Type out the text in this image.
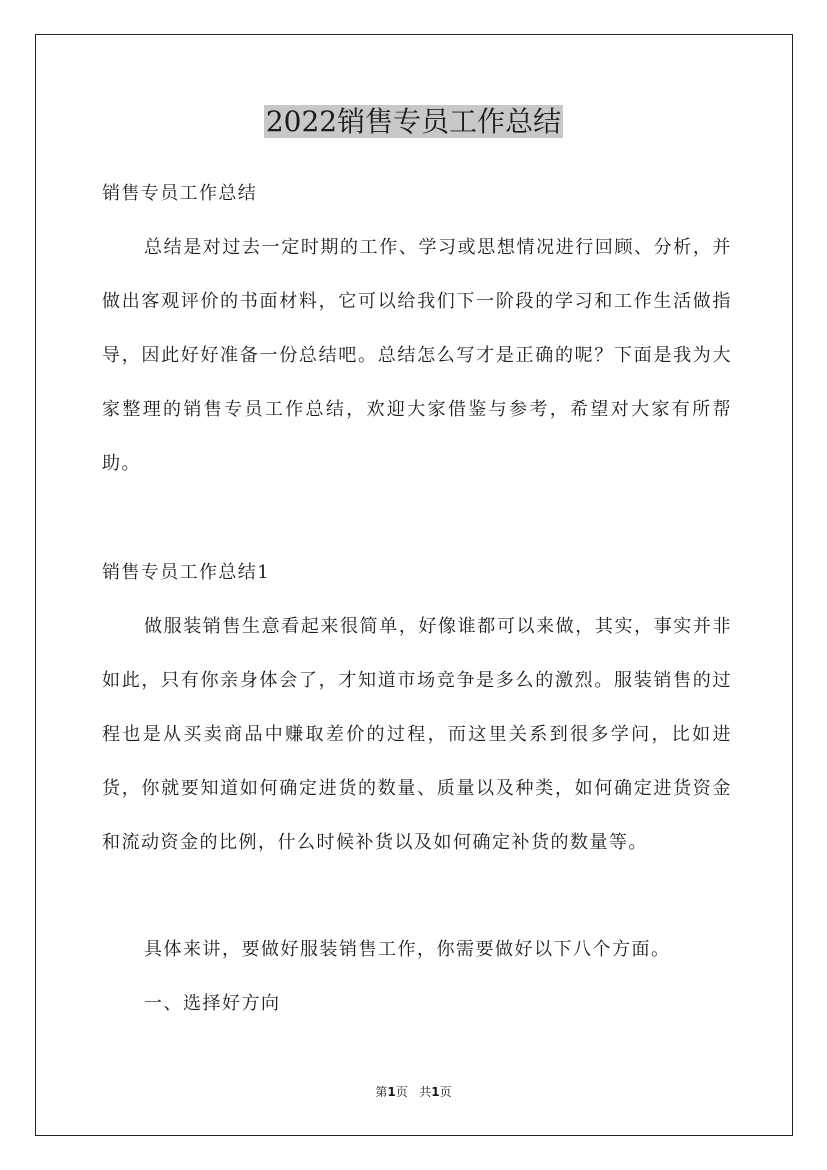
2022销售专员工作总结
销售专员工作总结
总结是对过去一定时期的工作、学习或思想情况进行回顾、分析，并做出客观评价的书面材料，它可以给我们下一阶段的学习和工作生活做指导，因此好好准备一份总结吧。总结怎么写才是正确的呢？下面是我为大家整理的销售专员工作总结，欢迎大家借鉴与参考，希望对大家有所帮助。
销售专员工作总结1
做服装销售生意看起来很简单，好像谁都可以来做，其实，事实并非如此，只有你亲身体会了，才知道市场竞争是多么的激烈。服装销售的过程也是从买卖商品中赚取差价的过程，而这里关系到很多学问，比如进货，你就要知道如何确定进货的数量、质量以及种类，如何确定进货资金和流动资金的比例，什么时候补货以及如何确定补货的数量等。
具体来讲，要做好服装销售工作，你需要做好以下八个方面。
一、选择好方向
第1页 共1页
